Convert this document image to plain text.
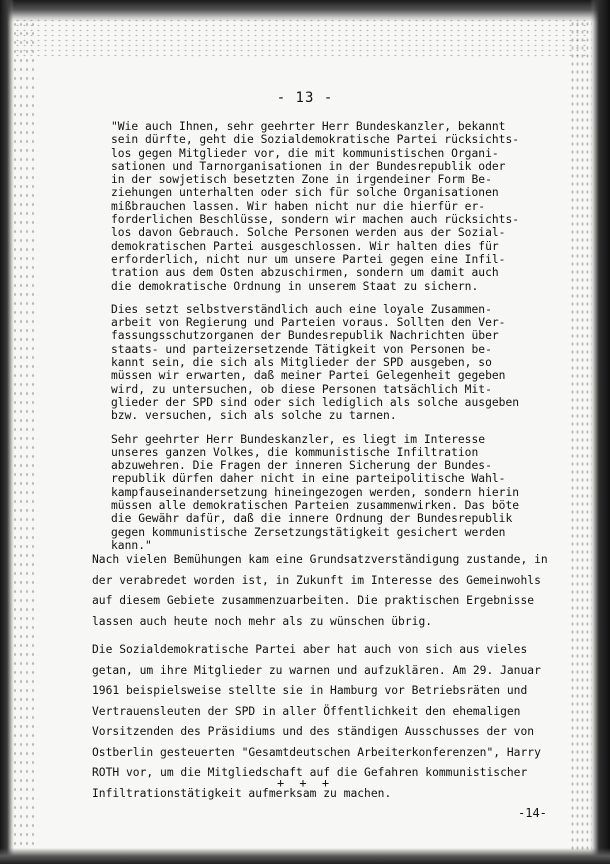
- 13 -

"Wie auch Ihnen, sehr geehrter Herr Bundeskanzler, bekannt
sein dürfte, geht die Sozialdemokratische Partei rücksichts-
los gegen Mitglieder vor, die mit kommunistischen Organi-
sationen und Tarnorganisationen in der Bundesrepublik oder
in der sowjetisch besetzten Zone in irgendeiner Form Be-
ziehungen unterhalten oder sich für solche Organisationen
mißbrauchen lassen. Wir haben nicht nur die hierfür er-
forderlichen Beschlüsse, sondern wir machen auch rücksichts-
los davon Gebrauch. Solche Personen werden aus der Sozial-
demokratischen Partei ausgeschlossen. Wir halten dies für
erforderlich, nicht nur um unsere Partei gegen eine Infil-
tration aus dem Osten abzuschirmen, sondern um damit auch
die demokratische Ordnung in unserem Staat zu sichern.

Dies setzt selbstverständlich auch eine loyale Zusammen-
arbeit von Regierung und Parteien voraus. Sollten den Ver-
fassungsschutzorganen der Bundesrepublik Nachrichten über
staats- und parteizersetzende Tätigkeit von Personen be-
kannt sein, die sich als Mitglieder der SPD ausgeben, so
müssen wir erwarten, daß meiner Partei Gelegenheit gegeben
wird, zu untersuchen, ob diese Personen tatsächlich Mit-
glieder der SPD sind oder sich lediglich als solche ausgeben
bzw. versuchen, sich als solche zu tarnen.

Sehr geehrter Herr Bundeskanzler, es liegt im Interesse
unseres ganzen Volkes, die kommunistische Infiltration
abzuwehren. Die Fragen der inneren Sicherung der Bundes-
republik dürfen daher nicht in eine parteipolitische Wahl-
kampfauseinandersetzung hineingezogen werden, sondern hierin
müssen alle demokratischen Parteien zusammenwirken. Das böte
die Gewähr dafür, daß die innere Ordnung der Bundesrepublik
gegen kommunistische Zersetzungstätigkeit gesichert werden
kann."

Nach vielen Bemühungen kam eine Grundsatzverständigung zustande, in
der verabredet worden ist, in Zukunft im Interesse des Gemeinwohls
auf diesem Gebiete zusammenzuarbeiten. Die praktischen Ergebnisse
lassen auch heute noch mehr als zu wünschen übrig.

Die Sozialdemokratische Partei aber hat auch von sich aus vieles
getan, um ihre Mitglieder zu warnen und aufzuklären. Am 29. Januar
1961 beispielsweise stellte sie in Hamburg vor Betriebsräten und
Vertrauensleuten der SPD in aller Öffentlichkeit den ehemaligen
Vorsitzenden des Präsidiums und des ständigen Ausschusses der von
Ostberlin gesteuerten "Gesamtdeutschen Arbeiterkonferenzen", Harry
ROTH vor, um die Mitgliedschaft auf die Gefahren kommunistischer
Infiltrationstätigkeit aufmerksam zu machen.

+ + +
-14-
